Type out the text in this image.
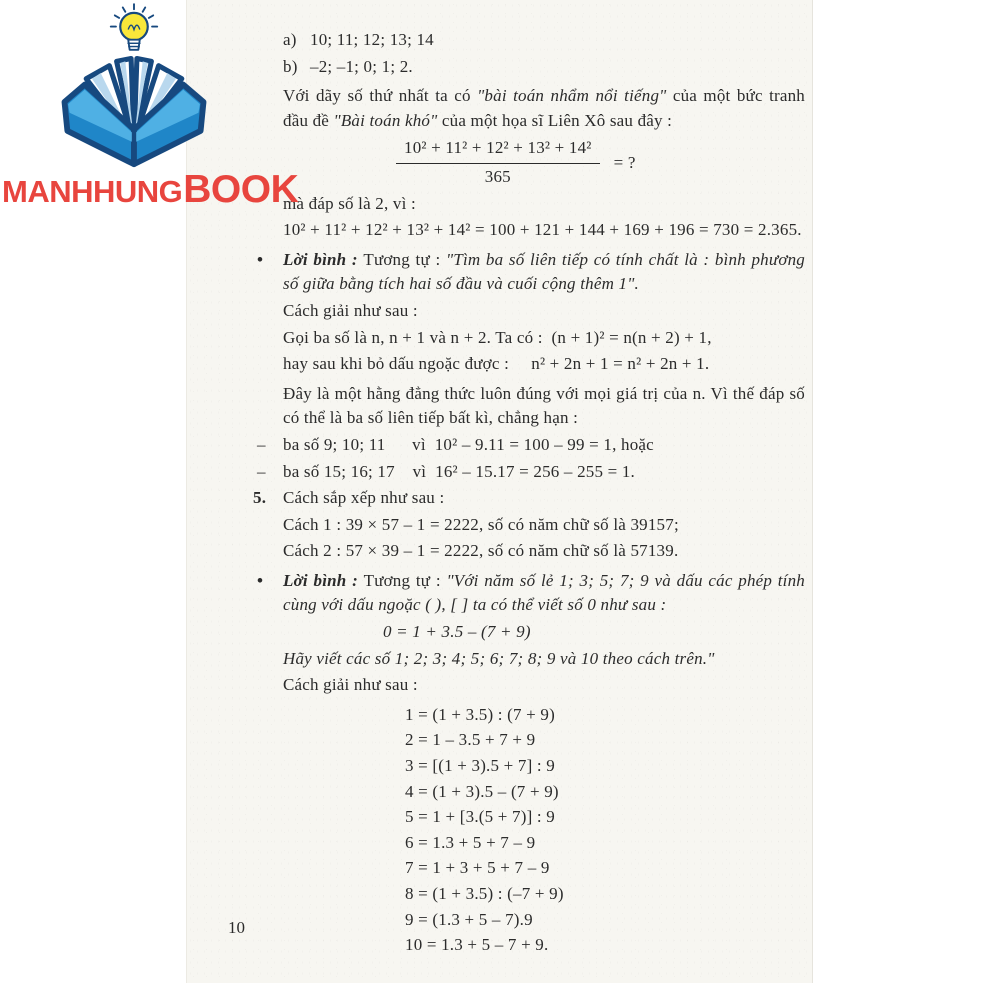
MANHHUNG BOOK
a) 10; 11; 12; 13; 14
b) –2; –1; 0; 1; 2.
Với dãy số thứ nhất ta có "bài toán nhẩm nổi tiếng" của một bức tranh đầu đề "Bài toán khó" của một họa sĩ Liên Xô sau đây :
$\frac{\text{10² + 11² + 12² + 13² + 14²}}{365}$ = ?
mà đáp số là 2, vì :
10² + 11² + 12² + 13² + 14² = 100 + 121 + 144 + 169 + 196 = 730 = 2.365.
• Lời bình : Tương tự : "Tìm ba số liên tiếp có tính chất là : bình phương số giữa bằng tích hai số đầu và cuối cộng thêm 1".
Cách giải như sau :
Gọi ba số là n, n + 1 và n + 2. Ta có :  (n + 1)² = n(n + 2) + 1,
hay sau khi bỏ dấu ngoặc được :     n² + 2n + 1 = n² + 2n + 1.
Đây là một hằng đẳng thức luôn đúng với mọi giá trị của n. Vì thế đáp số có thể là ba số liên tiếp bất kì, chẳng hạn :
– ba số 9; 10; 11      vì  10² – 9.11 = 100 – 99 = 1, hoặc
– ba số 15; 16; 17    vì  16² – 15.17 = 256 – 255 = 1.
5. Cách sắp xếp như sau :
Cách 1 : 39 × 57 – 1 = 2222, số có năm chữ số là 39157;
Cách 2 : 57 × 39 – 1 = 2222, số có năm chữ số là 57139.
• Lời bình : Tương tự : "Với năm số lẻ 1; 3; 5; 7; 9 và dấu các phép tính cùng với dấu ngoặc ( ), [ ] ta có thể viết số 0 như sau :
0 = 1 + 3.5 – (7 + 9)
Hãy viết các số 1; 2; 3; 4; 5; 6; 7; 8; 9 và 10 theo cách trên."
Cách giải như sau :
1 = (1 + 3.5) : (7 + 9)
2 = 1 – 3.5 + 7 + 9
3 = [(1 + 3).5 + 7] : 9
4 = (1 + 3).5 – (7 + 9)
5 = 1 + [3.(5 + 7)] : 9
6 = 1.3 + 5 + 7 – 9
7 = 1 + 3 + 5 + 7 – 9
8 = (1 + 3.5) : (–7 + 9)
9 = (1.3 + 5 – 7).9
10 = 1.3 + 5 – 7 + 9.
10
